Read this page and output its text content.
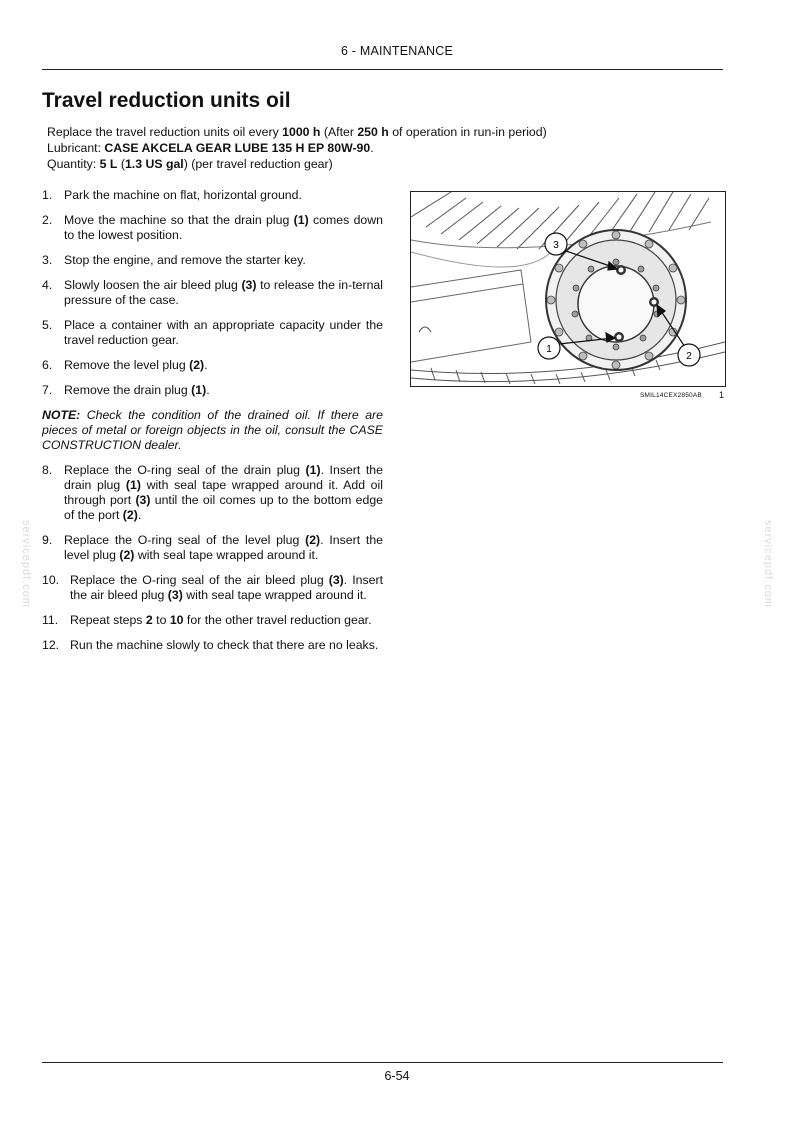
6 - MAINTENANCE
Travel reduction units oil

Replace the travel reduction units oil every 1000 h (After 250 h of operation in run-in period)

Lubricant: CASE AKCELA GEAR LUBE 135 H EP 80W-90.

Quantity: 5 L (1.3 US gal) (per travel reduction gear)

1. Park the machine on flat, horizontal ground.
2. Move the machine so that the drain plug (1) comes down to the lowest position.
3. Stop the engine, and remove the starter key.
4. Slowly loosen the air bleed plug (3) to release the in-ternal pressure of the case.
5. Place a container with an appropriate capacity under the travel reduction gear.
6. Remove the level plug (2).
7. Remove the drain plug (1).
NOTE: Check the condition of the drained oil. If there are pieces of metal or foreign objects in the oil, consult the CASE CONSTRUCTION dealer.
8. Replace the O-ring seal of the drain plug (1). Insert the drain plug (1) with seal tape wrapped around it. Add oil through port (3) until the oil comes up to the bottom edge of the port (2).
9. Replace the O-ring seal of the level plug (2). Insert the level plug (2) with seal tape wrapped around it.
10. Replace the O-ring seal of the air bleed plug (3). Insert the air bleed plug (3) with seal tape wrapped around it.
11. Repeat steps 2 to 10 for the other travel reduction gear.
12. Run the machine slowly to check that there are no leaks.
3
1
2
SMIL14CEX2850AB 1
servicepdf.com	servicepdf.com
6-54
